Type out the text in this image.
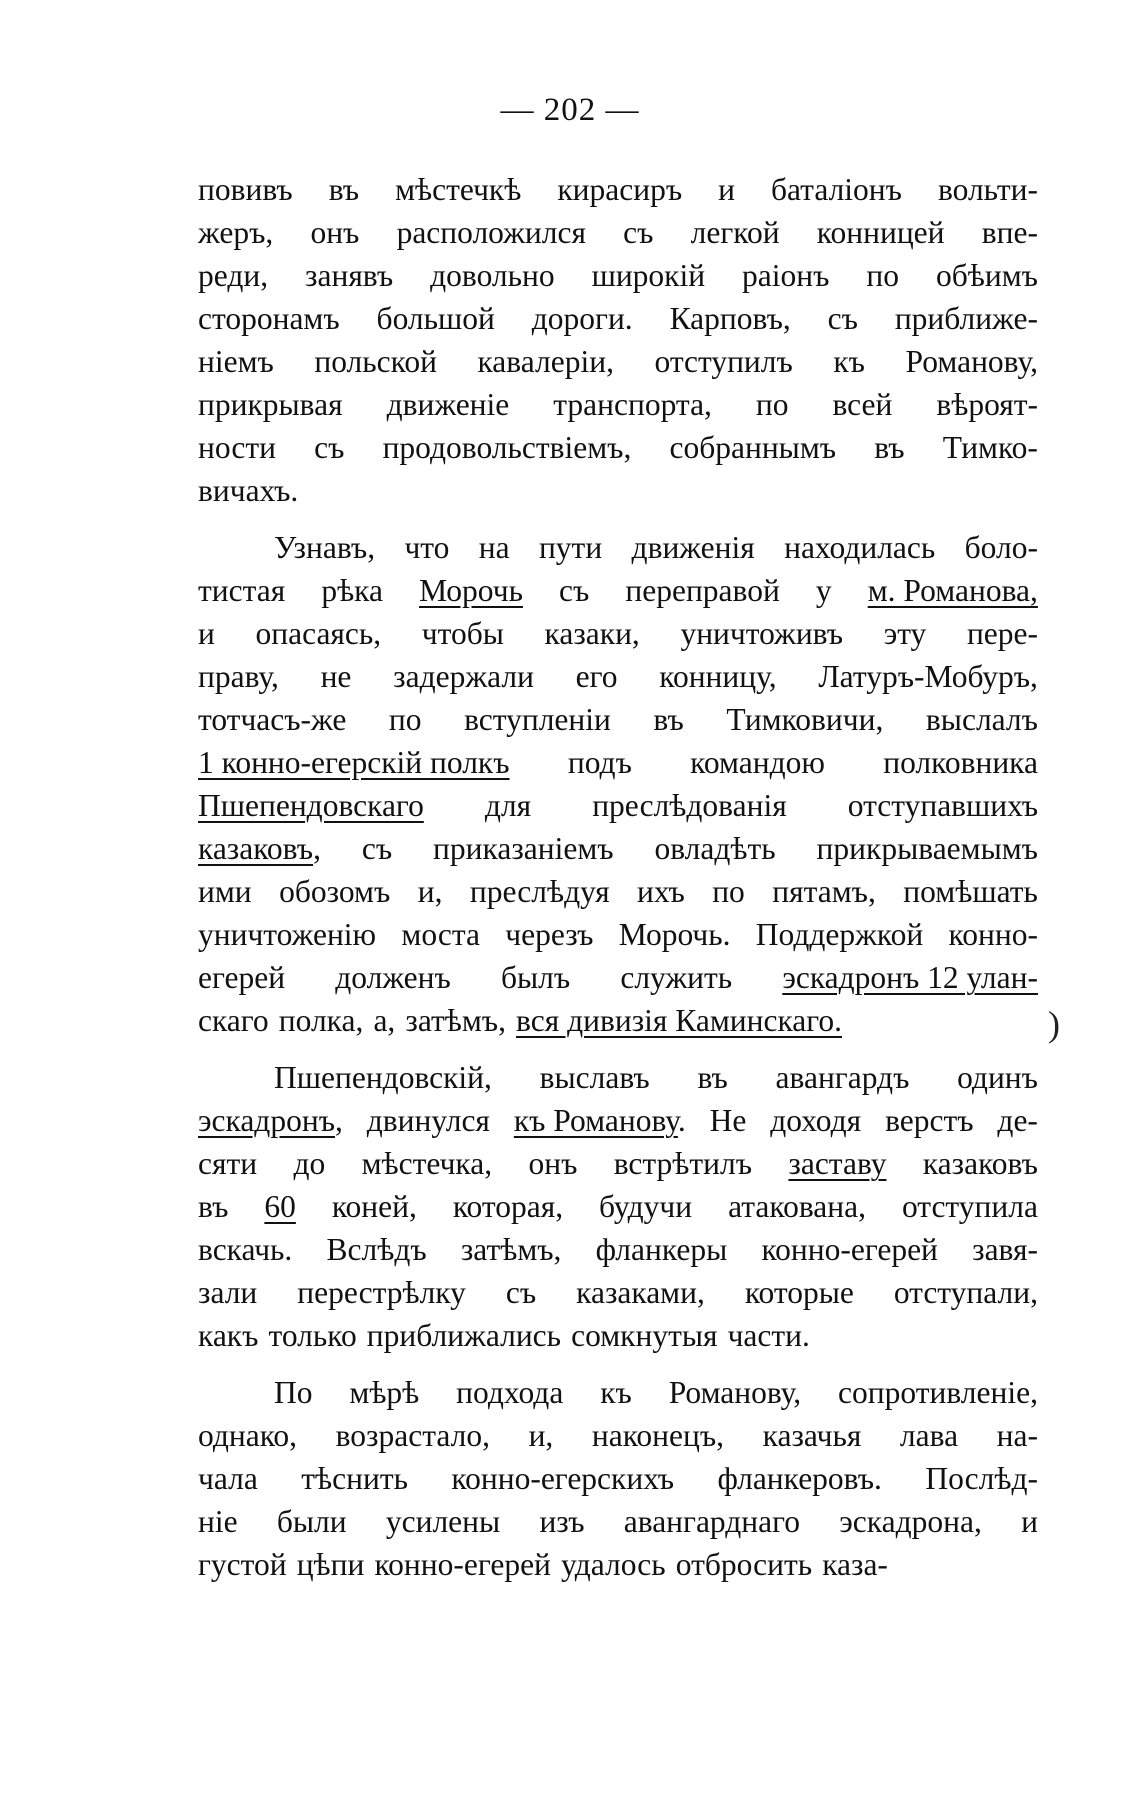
— 202 —
повивъ въ мѣстечкѣ кирасиръ и баталіонъ вольти-
жеръ, онъ расположился съ легкой конницей впе-
реди, занявъ довольно широкій раіонъ по обѣимъ
сторонамъ большой дороги. Карповъ, съ приближе-
ніемъ польской кавалеріи, отступилъ къ Романову,
прикрывая движеніе транспорта, по всей вѣроят-
ности съ продовольствіемъ, собраннымъ въ Тимко-
вичахъ.
Узнавъ, что на пути движенія находилась боло-
тистая рѣка Морочь съ переправой у м. Романова,
и опасаясь, чтобы казаки, уничтоживъ эту пере-
праву, не задержали его конницу, Латуръ-Мобуръ,
тотчасъ-же по вступленіи въ Тимковичи, выслалъ
1 конно-егерскій полкъ подъ командою полковника
Пшепендовскаго для преслѣдованія отступавшихъ
казаковъ, съ приказаніемъ овладѣть прикрываемымъ
ими обозомъ и, преслѣдуя ихъ по пятамъ, помѣшать
уничтоженію моста черезъ Морочь. Поддержкой конно-
егерей долженъ былъ служить эскадронъ 12 улан-
скаго полка, а, затѣмъ, вся дивизія Каминскаго.
Пшепендовскій, выславъ въ авангардъ одинъ
эскадронъ, двинулся къ Романову. Не доходя верстъ де-
сяти до мѣстечка, онъ встрѣтилъ заставу казаковъ
въ 60 коней, которая, будучи атакована, отступила
вскачь. Вслѣдъ затѣмъ, фланкеры конно-егерей завя-
зали перестрѣлку съ казаками, которые отступали,
какъ только приближались сомкнутыя части.
По мѣрѣ подхода къ Романову, сопротивленіе,
однако, возрастало, и, наконецъ, казачья лава на-
чала тѣснить конно-егерскихъ фланкеровъ. Послѣд-
ніе были усилены изъ авангарднаго эскадрона, и
густой цѣпи конно-егерей удалось отбросить каза-
)
